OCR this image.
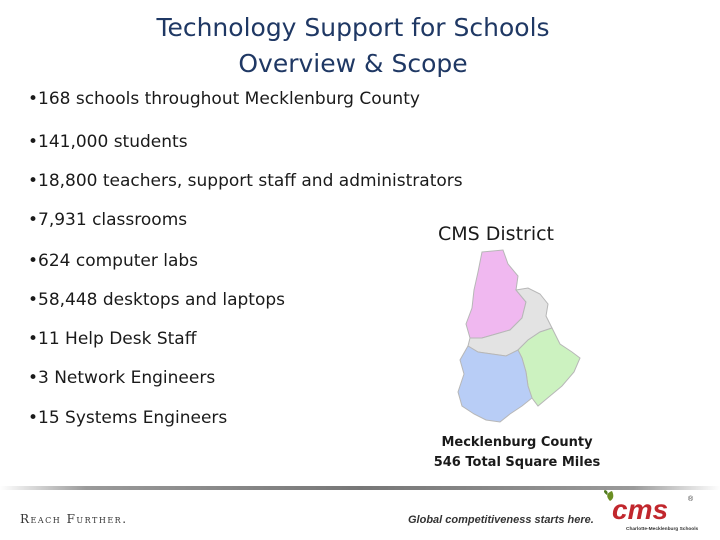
Technology Support for Schools
Overview & Scope
•168 schools throughout Mecklenburg County
•141,000 students
•18,800 teachers, support staff and administrators
•7,931 classrooms
•624 computer labs
•58,448 desktops and laptops
•11 Help Desk Staff
•3 Network Engineers
•15 Systems Engineers
CMS District
Mecklenburg County
546 Total Square Miles
Reach Further.	Global competitiveness starts here. cms	®
Charlotte-Mecklenburg Schools
